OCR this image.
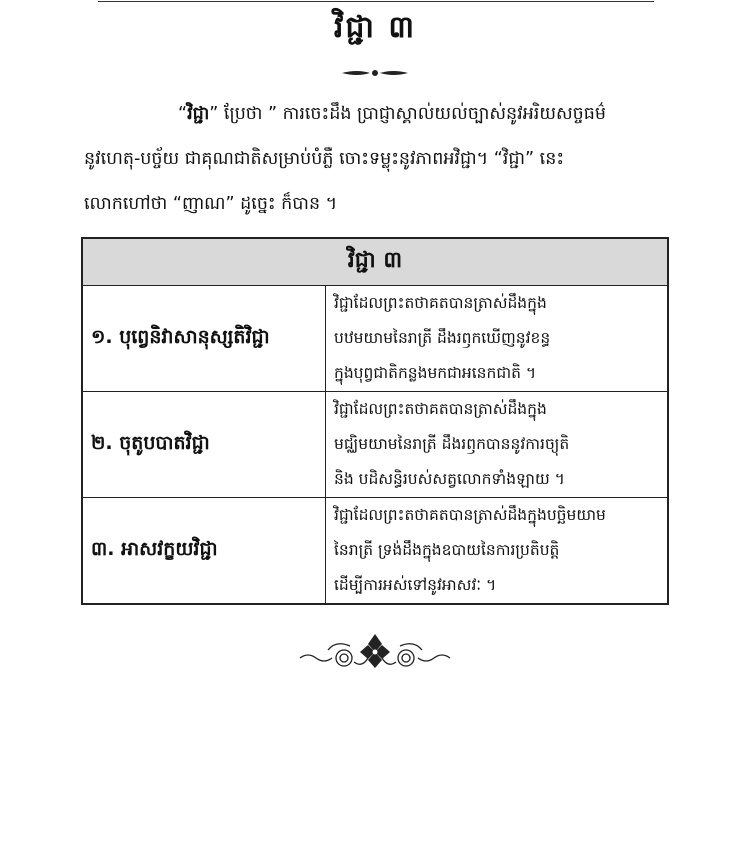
វិជ្ជា ៣

“វិជ្ជា” ប្រែថា ” ការចេះដឹង ប្រាជ្ញាស្គាល់យល់ច្បាស់នូវអរិយសច្ចធម៌

នូវហេតុ-បច្ច័យ ជាគុណជាតិសម្រាប់បំភ្លឺ ចោះទម្លុះនូវភាពអវិជ្ជា។ “វិជ្ជា” នេះ

លោកហៅថា “ញាណ” ដូច្នេះ ក៏បាន ។

វិជ្ជា ៣	
១. បុព្វេនិវាសានុស្សតិវិជ្ជា	វិជ្ជាដែលព្រះតថាគតបានត្រាស់ដឹងក្នុង
បឋមយាមនៃរាត្រី ដឹងរឭកឃើញនូវខន្ធ
ក្នុងបុព្វជាតិកន្លងមកជាអនេកជាតិ ។

២. ចុតូបបាតវិជ្ជា	វិជ្ជាដែលព្រះតថាគតបានត្រាស់ដឹងក្នុង
មជ្ឈិមយាមនៃរាត្រី ដឹងរឭកបាននូវការច្យុតិ
និង បដិសន្ធិរបស់សត្វលោកទាំងឡាយ ។

៣. អាសវក្ខយវិជ្ជា	វិជ្ជាដែលព្រះតថាគតបានត្រាស់ដឹងក្នុងបច្ឆិមយាម
នៃរាត្រី ទ្រង់ដឹងក្នុងឧបាយនៃការប្រតិបត្តិ
ដើម្បីការអស់ទៅនូវអាសវៈ ។
